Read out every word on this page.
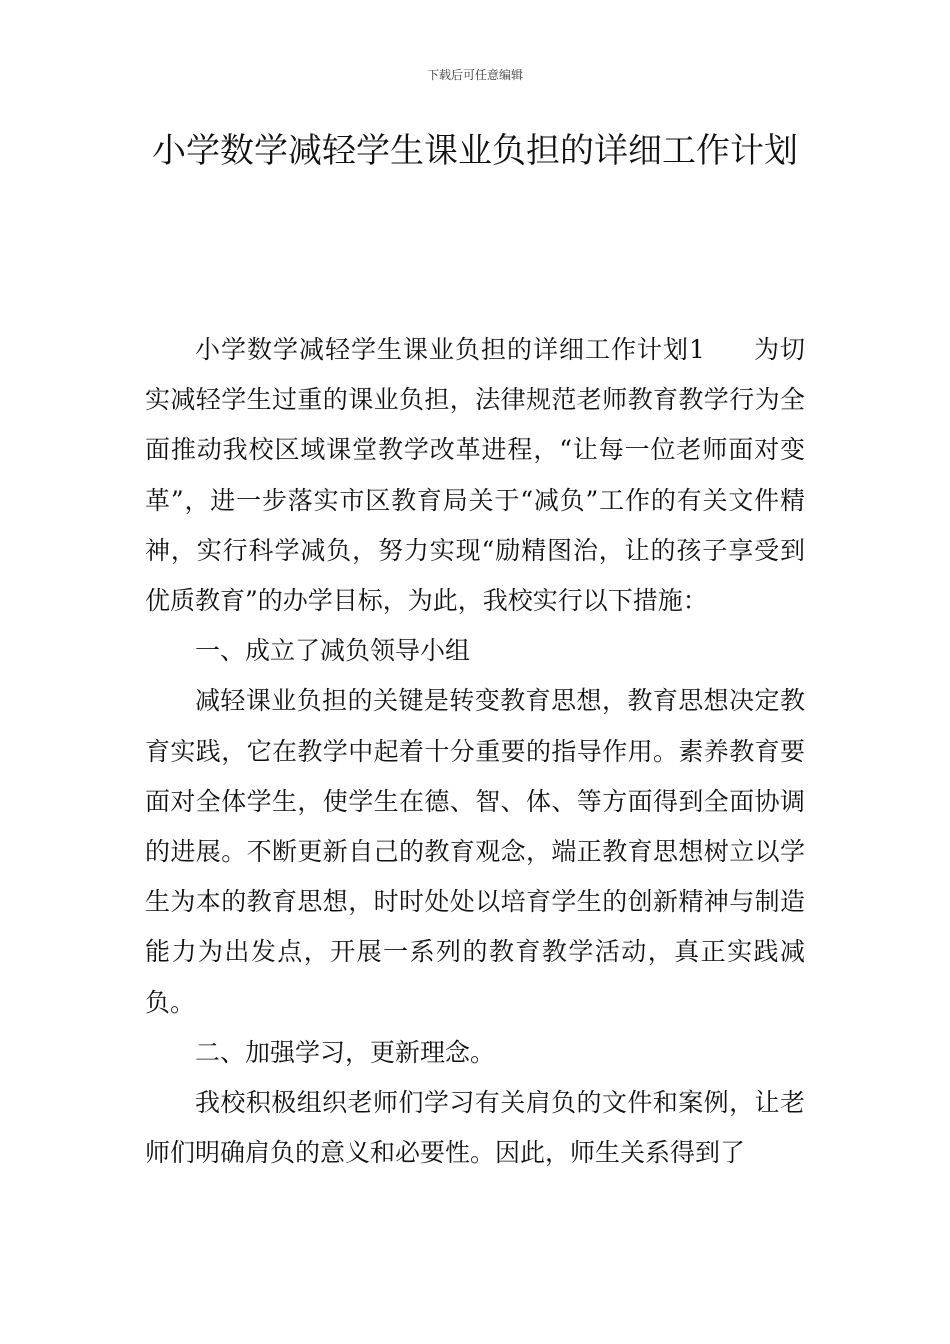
下载后可任意编辑
小学数学减轻学生课业负担的详细工作计划

小学数学减轻学生课业负担的详细工作计划1 为切实减轻学生过重的课业负担，法律规范老师教育教学行为全面推动我校区域课堂教学改革进程，“让每一位老师面对变革”，进一步落实市区教育局关于“减负”工作的有关文件精神，实行科学减负，努力实现“励精图治，让的孩子享受到优质教育”的办学目标，为此，我校实行以下措施：

一、成立了减负领导小组

减轻课业负担的关键是转变教育思想，教育思想决定教育实践，它在教学中起着十分重要的指导作用。素养教育要面对全体学生，使学生在德、智、体、等方面得到全面协调的进展。不断更新自己的教育观念，端正教育思想树立以学生为本的教育思想，时时处处以培育学生的创新精神与制造能力为出发点，开展一系列的教育教学活动，真正实践减负。

二、加强学习，更新理念。

我校积极组织老师们学习有关肩负的文件和案例，让老师们明确肩负的意义和必要性。因此，师生关系得到了
